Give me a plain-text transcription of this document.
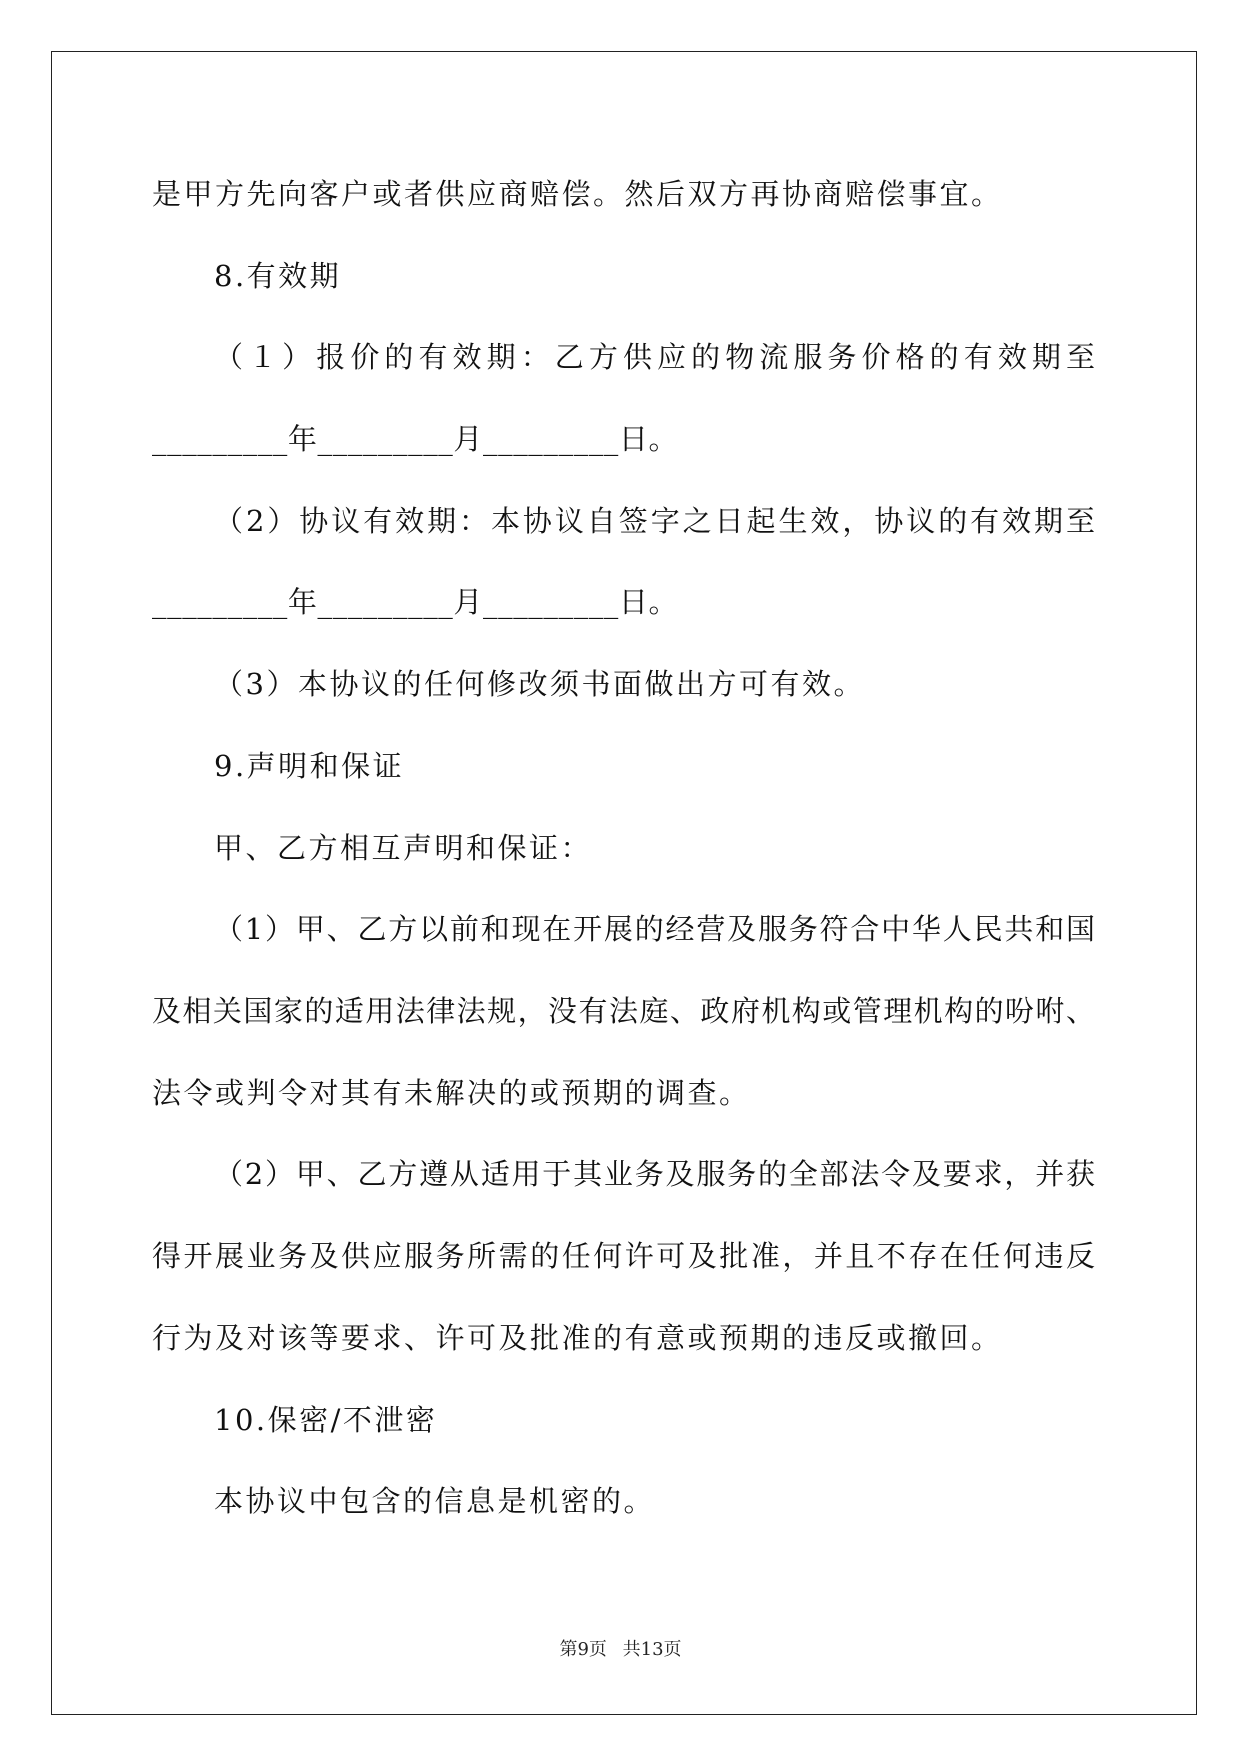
是甲方先向客户或者供应商赔偿。然后双方再协商赔偿事宜。
8.有效期
（１）报价的有效期：乙方供应的物流服务价格的有效期至
_________年_________月_________日。
（2）协议有效期：本协议自签字之日起生效，协议的有效期至
_________年_________月_________日。
（3）本协议的任何修改须书面做出方可有效。
9.声明和保证
甲、乙方相互声明和保证：
（1）甲、乙方以前和现在开展的经营及服务符合中华人民共和国
及相关国家的适用法律法规，没有法庭、政府机构或管理机构的吩咐、
法令或判令对其有未解决的或预期的调查。
（2）甲、乙方遵从适用于其业务及服务的全部法令及要求，并获
得开展业务及供应服务所需的任何许可及批准，并且不存在任何违反
行为及对该等要求、许可及批准的有意或预期的违反或撤回。
10.保密/不泄密
本协议中包含的信息是机密的。
第9页 共13页
